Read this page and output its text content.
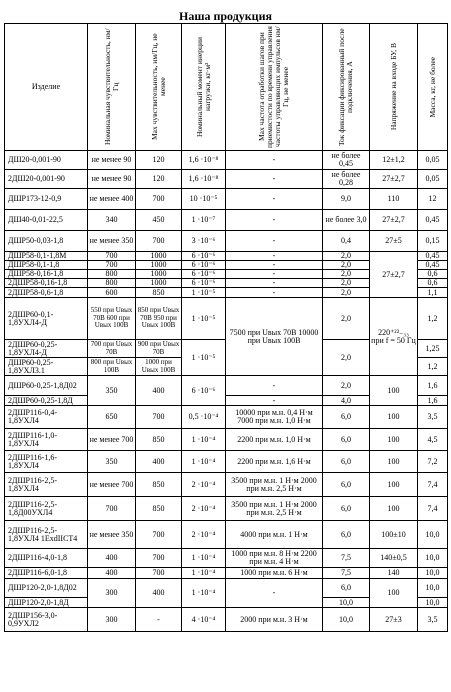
Наша продукция
Изделие	Номинальная чувствительность, нм/Гц	Мах чувствительность, нм/Гц, не менее	Номинальный момент инерции нагрузки, кг·м²	Мах частота отработки шагов при приемистости по времени управления частоты управляющих импульсов нм/Гц, не менее	Ток фиксации фиксированный после подключения, А	Напряжение на входе БУ, В	Масса, кг, не более

ДШ20-0,001-90	не менее 90	120	1,6 ·10⁻⁸	-	не более 0,45	12±1,2	0,05
2ДШ20-0,001-90	не менее 90	120	1,6 ·10⁻⁸	-	не более 0,28	27±2,7	0,05
ДШР173-12-0,9	не менее 400	700	10 ·10⁻⁵	-	9,0	110	12
ДШ40-0,01-22,5	340	450	1 ·10⁻⁷	-	не более 3,0	27±2,7	0,45
ДШР50-0,03-1,8	не менее 350	700	3 ·10⁻⁶	-	0,4	27±5	0,15
ДШР58-0,1-1,8М	700	1000	6 ·10⁻⁶	-	2,0	27±2,7	0,45
ДШР58-0,1-1,8	700	1000	6 ·10⁻⁶	-	2,0		0,45
ДШР58-0,16-1,8	800	1000	6 ·10⁻⁶	-	2,0		0,6
2ДШР58-0,16-1,8	800	1000	6 ·10⁻⁶	-	2,0		0,6
2ДШР58-0,6-1,8	600	850	1 ·10⁻⁵	-	2,0		1,1
2ДШР60-0,1-1,8УХЛ4-Д	550 при Uвых 70В 600 при Uвых 100В	850 при Uвых 70В 950 при Uвых 100В	1 ·10⁻⁵	7500 при Uвых 70В 10000 при Uвых 100В	2,0	220⁺²²₋₃₃ при f = 50 Гц	1,2
2ДШР60-0,25-1,8УХЛ4-Д	700 при Uвых 70В	900 при Uвых 70В	1 ·10⁻⁵		2,0		1,25
ДШР60-0,25-1,8УХЛ3.1	800 при Uвых 100В	1000 при Uвых 100В					1,2
ДШР60-0,25-1,8Д02	350	400	6 ·10⁻⁶	-	2,0	100	1,6
2ДШР60-0,25-1,8Д				-	4,0		1,6
2ДШР116-0,4-1,8УХЛ4	650	700	0,5 ·10⁻⁴	10000 при м.н. 0,4 Н·м 7000 при м.н. 1,0 Н·м	6,0	100	3,5
2ДШР116-1,0-1,8УХЛ4	не менее 700	850	1 ·10⁻⁴	2200 при м.н. 1,0 Н·м	6,0	100	4,5
2ДШР116-1,6-1,8УХЛ4	350	400	1 ·10⁻⁴	2200 при м.н. 1,6 Н·м	6,0	100	7,2
2ДШР116-2,5-1,8УХЛ4	не менее 700	850	2 ·10⁻⁴	3500 при м.н. 1 Н·м 2000 при м.н. 2,5 Н·м	6,0	100	7,4
2ДШР116-2,5-1,8Д00УХЛ4	700	850	2 ·10⁻⁴	3500 при м.н. 1 Н·м 2000 при м.н. 2,5 Н·м	6,0	100	7,4
2ДШР116-2,5-1,8УХЛ4 1ExdIIСТ4	не менее 350	700	2 ·10⁻⁴	4000 при м.н. 1 Н·м	6,0	100±10	10,0
2ДШР116-4,0-1,8	400	700	1 ·10⁻⁴	1000 при м.н. 8 Н·м 2200 при м.н. 4 Н·м	7,5	140±0,5	10,0
2ДШР116-6,0-1,8	400	700	1 ·10⁻⁴	1000 при м.н. 6 Н·м	7,5	140	10,0
ДШР120-2,0-1,8Д02	300	400	1 ·10⁻⁴	-	6,0	100	10,0
ДШР120-2,0-1,8Д					10,0		10,0
2ДШР156-3,0-0,9УХЛ2	300	-	4 ·10⁻⁴	2000 при м.н. 3 Н·м	10,0	27±3	3,5
